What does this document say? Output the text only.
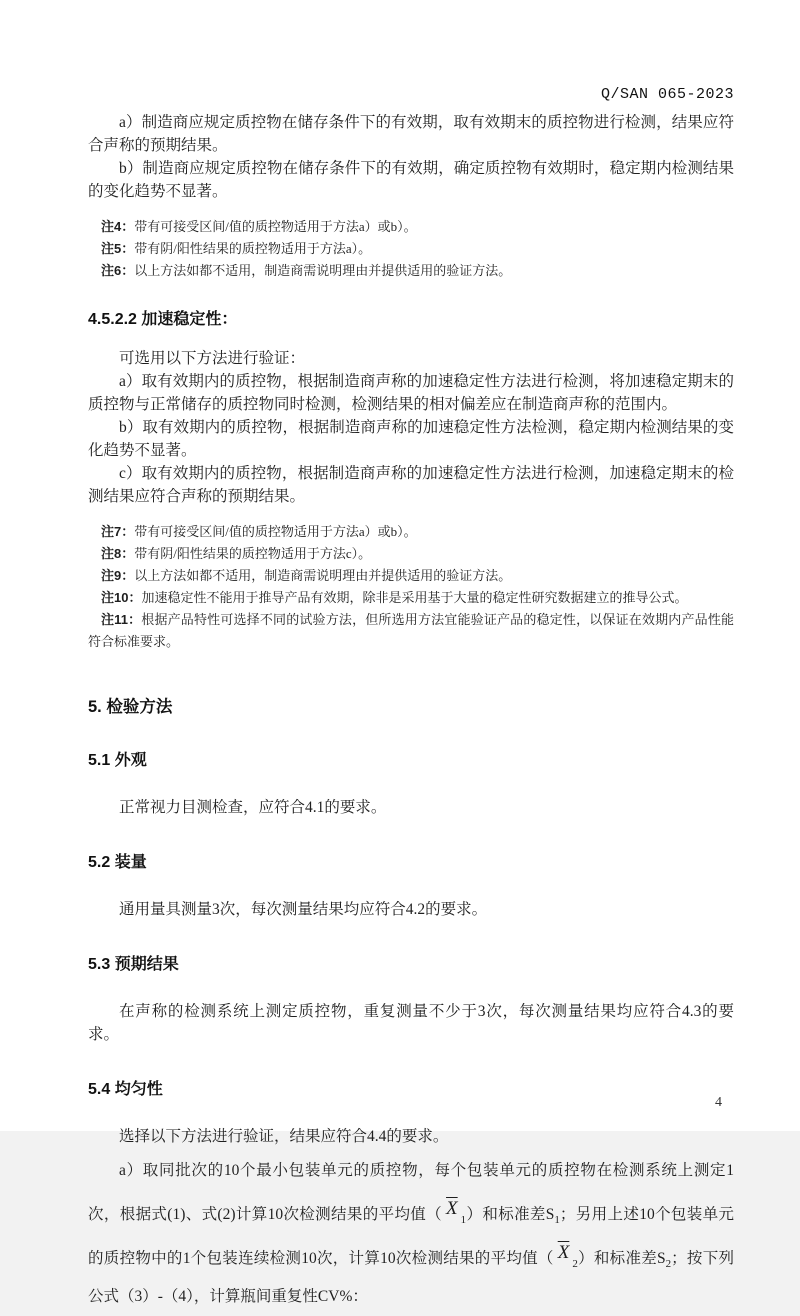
Q/SAN 065-2023

a）制造商应规定质控物在储存条件下的有效期，取有效期末的质控物进行检测，结果应符合声称的预期结果。

b）制造商应规定质控物在储存条件下的有效期，确定质控物有效期时，稳定期内检测结果的变化趋势不显著。

注4：带有可接受区间/值的质控物适用于方法a）或b）。

注5：带有阴/阳性结果的质控物适用于方法a）。

注6：以上方法如都不适用，制造商需说明理由并提供适用的验证方法。

4.5.2.2 加速稳定性：

可选用以下方法进行验证：

a）取有效期内的质控物，根据制造商声称的加速稳定性方法进行检测，将加速稳定期末的质控物与正常储存的质控物同时检测，检测结果的相对偏差应在制造商声称的范围内。

b）取有效期内的质控物，根据制造商声称的加速稳定性方法检测，稳定期内检测结果的变化趋势不显著。

c）取有效期内的质控物，根据制造商声称的加速稳定性方法进行检测，加速稳定期末的检测结果应符合声称的预期结果。

注7：带有可接受区间/值的质控物适用于方法a）或b）。

注8：带有阴/阳性结果的质控物适用于方法c）。

注9：以上方法如都不适用，制造商需说明理由并提供适用的验证方法。

注10：加速稳定性不能用于推导产品有效期，除非是采用基于大量的稳定性研究数据建立的推导公式。

注11：根据产品特性可选择不同的试验方法，但所选用方法宜能验证产品的稳定性，以保证在效期内产品性能符合标准要求。

5. 检验方法
5.1 外观

正常视力目测检查，应符合4.1的要求。

5.2 装量

通用量具测量3次，每次测量结果均应符合4.2的要求。

5.3 预期结果

在声称的检测系统上测定质控物，重复测量不少于3次，每次测量结果均应符合4.3的要求。

5.4 均匀性

选择以下方法进行验证，结果应符合4.4的要求。

a）取同批次的10个最小包装单元的质控物，每个包装单元的质控物在检测系统上测定1次，根据式(1)、式(2)计算10次检测结果的平均值（ $\overline{X}_1$）和标准差$S_1$；另用上述10个包装单元的质控物中的1个包装连续检测10次，计算10次检测结果的平均值（ $\overline{X}_2$）和标准差$S_2$；按下列公式（3）-（4），计算瓶间重复性CV%：

4
